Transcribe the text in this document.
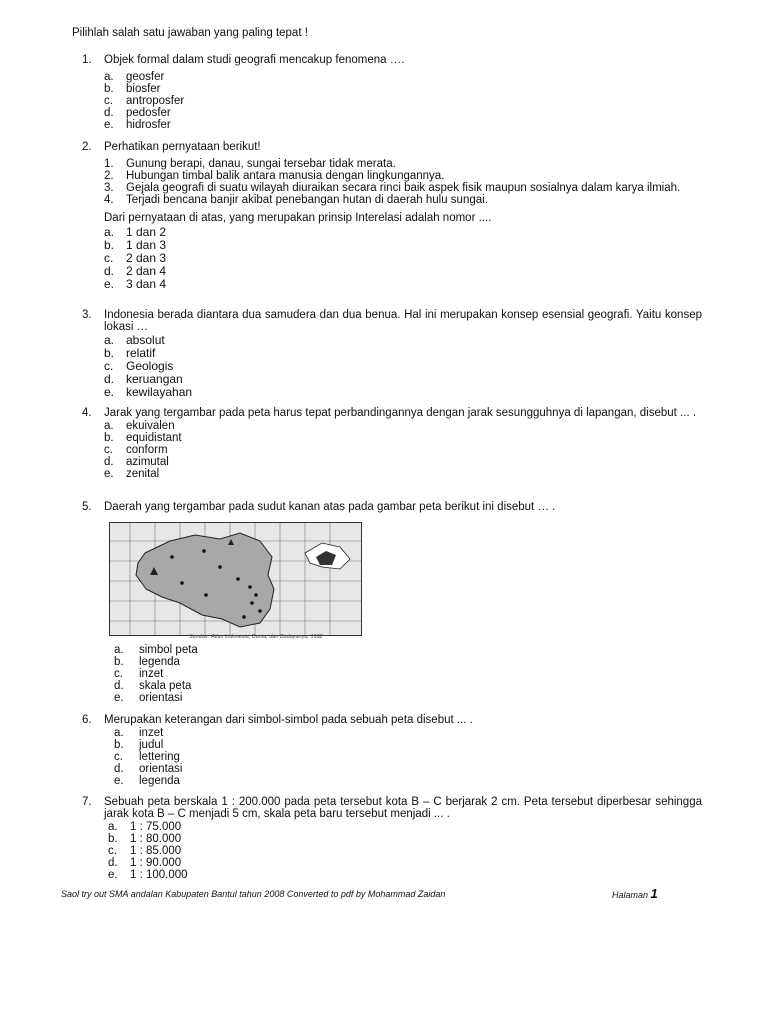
Pilihlah salah satu jawaban yang paling tepat !
1.	Objek formal dalam studi geografi mencakup fenomena ….
a.	geosfer
b.	biosfer
c.	antroposfer
d.	pedosfer
e.	hidrosfer
2.	Perhatikan pernyataan berikut!
1.	Gunung berapi, danau, sungai tersebar tidak merata.
2.	Hubungan timbal balik antara manusia dengan lingkungannya.
3.	Gejala geografi di suatu wilayah diuraikan secara rinci baik aspek fisik maupun sosialnya dalam karya ilmiah.
4.	Terjadi bencana banjir akibat penebangan hutan di daerah hulu sungai.
Dari pernyataan di atas, yang merupakan prinsip Interelasi adalah nomor ....
a. 1 dan 2
b. 1 dan 3
c.	2 dan 3
d. 2 dan 4
e. 3 dan 4
3.	Indonesia berada diantara dua samudera dan dua benua. Hal ini merupakan konsep esensial geografi. Yaitu konsep lokasi …
a. absolut
b. relatif
c.	Geologis
d. keruangan
e. kewilayahan
4.	Jarak yang tergambar pada peta harus tepat perbandingannya dengan jarak sesungguhnya di lapangan, disebut ... .
a.	ekuivalen
b.	equidistant
c.	conform
d.	azimutal
e.	zenital
5.	Daerah yang tergambar pada sudut kanan atas pada gambar peta berikut ini disebut … .
Sumber: Atlas Indonesia, Dunia, dan Budayanya, 1992
a.	simbol peta
b.	legenda
c.	inzet
d.	skala peta
e.	orientasi
6.	Merupakan keterangan dari simbol-simbol pada sebuah peta disebut ... .
a.	inzet
b.	judul
c.	lettering
d.	orientasi
e.	legenda
7.	Sebuah peta berskala 1 : 200.000 pada peta tersebut kota B – C berjarak 2 cm. Peta tersebut diperbesar sehingga jarak kota B – C menjadi 5 cm, skala peta baru tersebut menjadi ... .
a.	1 : 75.000
b.	1 : 80.000
c.	1 : 85.000
d.	1 : 90.000
e.	1 : 100.000
Saol try out SMA andalan Kabupaten Bantul tahun 2008 Converted to pdf by Mohammad Zaidan	Halaman 1
